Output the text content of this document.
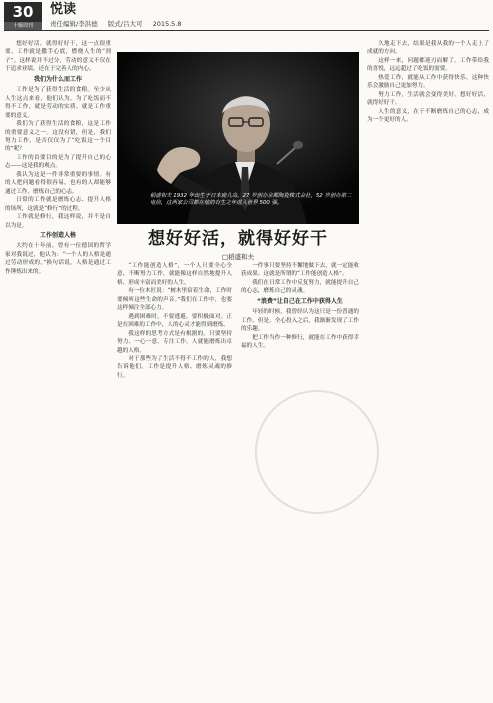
30
十堰周刊
悦读
责任编辑/李洪德 版式/吕大可 2015.5.8

想好好活，就得好好干，这一点很重要。工作就是撒手心底，燃烧人生的“剂子”。这样说并不过分，劳动的意义不仅在于追求业绩，还在于完善人的内心。

我们为什么而工作

工作是为了获得生活的食粮。至少从人生这点来看，他们认为，为了吃饭而不得不工作，就是劳动的实质。就是工作重要的意义。

我们为了获得生活的食粮，这是工作的重要意义之一。这没有错，但是，我们努力工作，是否仅仅为了“吃饭这一个目的”呢？

工作的首要目的是为了提升自己的心志——这是我的观点。

我认为这是一件非常重要的事情。有的人把问题看得很容易，也有的人却能够通过工作，磨炼自己的心志。

日常的工作就是磨炼心志、提升人格的场所，这就是“修行”的过程。

工作就是修行，我这样说，并不是自以为是。

工作创造人格

大约在十年前，曾有一位德国的哲学家对我说过，他认为：“一个人的人格是通过劳动形成的。”换句话说，人格是通过工作锤炼出来的。

稻盛和夫 1932 年出生于日本鹿儿岛，27 岁创办京都陶瓷株式会社，52 岁创办第二电信，这两家公司都在他的有生之年进入世界 500 强。
想好好活，就得好好干
□稻盛和夫

“工作能创造人格”，一个人只要全心全意、不断努力工作，就能像这样自然地提升人格、形成丰富而美好的人生。

有一位木匠说：“树木里宿着生命，工作时要倾听这些生命的声音。”我们在工作中，也要这样倾注全部心力。

遇到困难时，不要逃避，要积极面对。正是在困难的工作中，人的心灵才能得到磨炼。

我这样的思考方式是有根据的。只要坚持努力、一心一意、专注工作，人就能磨炼出卓越的人格。

对于那些为了生活不得不工作的人，我想告诉他们，工作是提升人格、磨炼灵魂的修行。

一件事只要坚持不懈地做下去，就一定能收获成果。这就是所谓的“工作能创造人格”。

我们在日常工作中反复努力，就能提升自己的心志，磨炼自己的灵魂。

“浪费”让自己在工作中获得人生

年轻的时候，我曾经认为这只是一份普通的工作。但是，全心投入之后，我渐渐发现了工作的乐趣。

把工作当作一种修行，就能在工作中获得幸福的人生。

久地走下去，结果是我从我的一个人走上了成就的方向。

这样一来，问题都迎刃而解了。工作带给我的喜悦，远远超过了吃饭的需要。

热爱工作，就能从工作中获得快乐。这种快乐会激励自己更加努力。

努力工作，生活就会变得美好。想好好活，就得好好干。

人生的意义，在于不断磨炼自己的心志，成为一个更好的人。
